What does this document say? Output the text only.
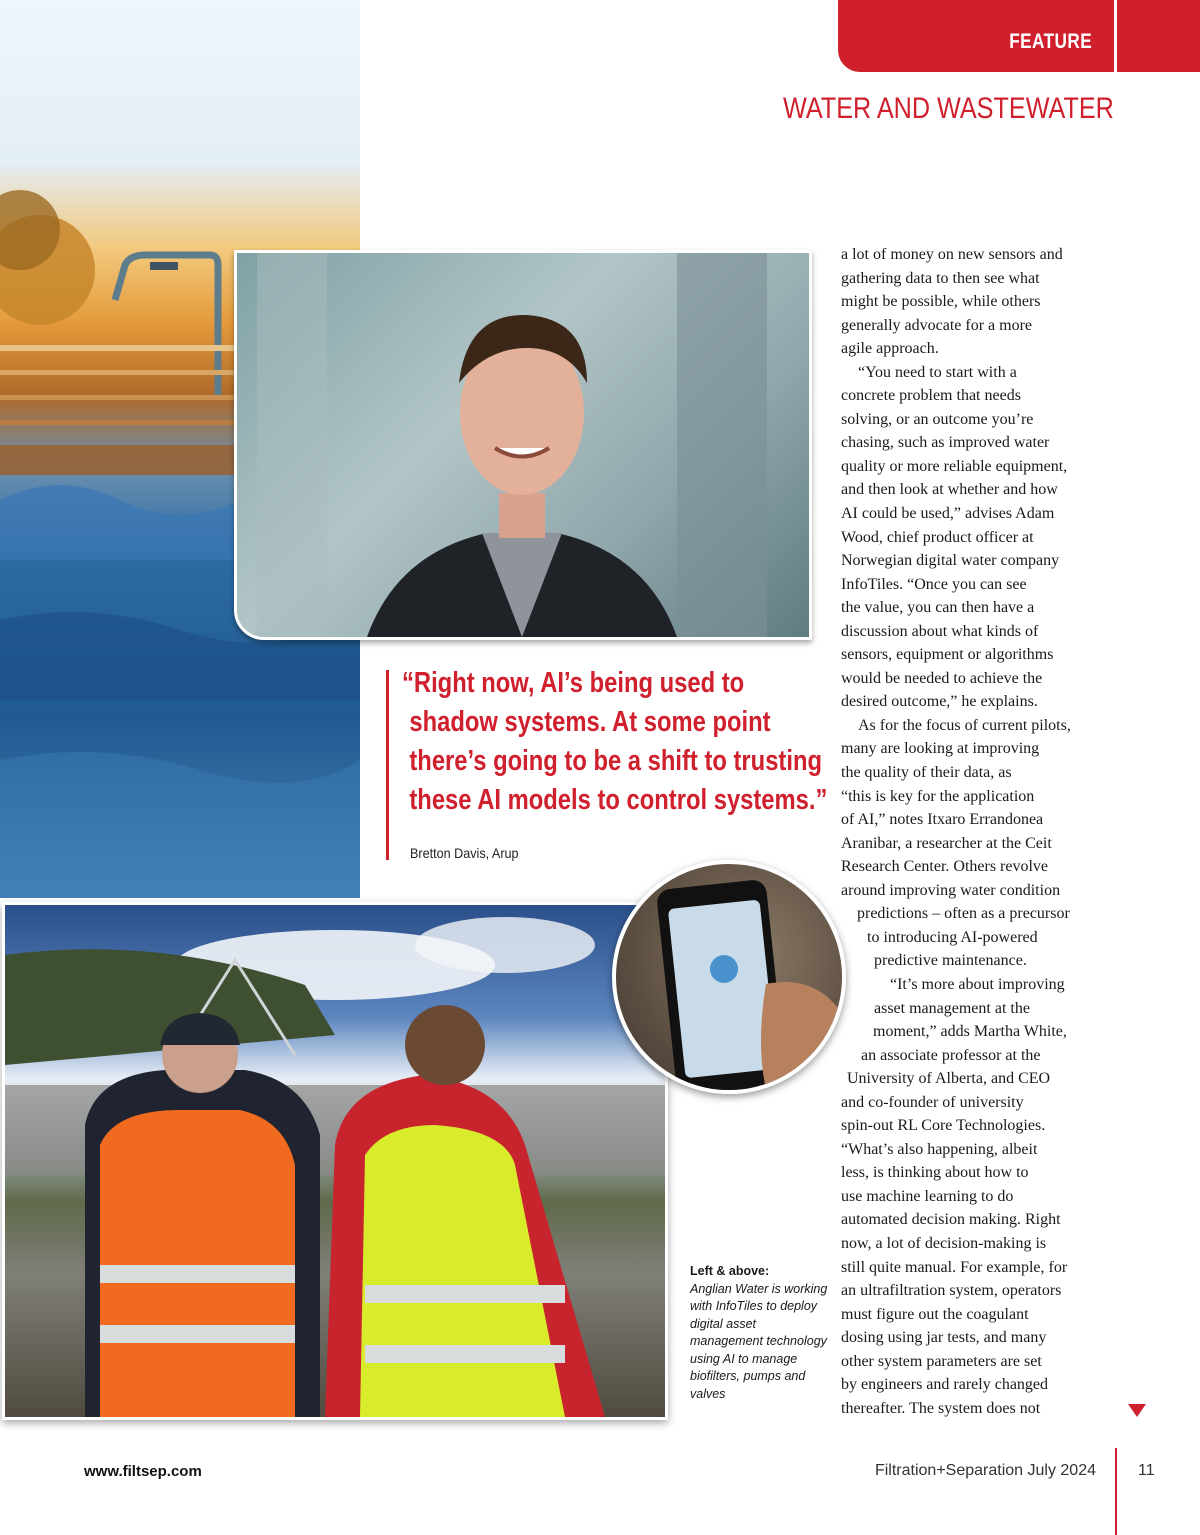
FEATURE
WATER AND WASTEWATER

“Right now, AI’s being used to
shadow systems. At some point
there’s going to be a shift to trusting
these AI models to control systems.”

Bretton Davis, Arup
Left & above:
Anglian Water is working with InfoTiles to deploy digital asset management technology using AI to manage biofilters, pumps and valves
a lot of money on new sensors and
gathering data to then see what
might be possible, while others
generally advocate for a more
agile approach.
“You need to start with a
concrete problem that needs
solving, or an outcome you’re
chasing, such as improved water
quality or more reliable equipment,
and then look at whether and how
AI could be used,” advises Adam
Wood, chief product officer at
Norwegian digital water company
InfoTiles. “Once you can see
the value, you can then have a
discussion about what kinds of
sensors, equipment or algorithms
would be needed to achieve the
desired outcome,” he explains.
As for the focus of current pilots,
many are looking at improving
the quality of their data, as
“this is key for the application
of AI,” notes Itxaro Errandonea
Aranibar, a researcher at the Ceit
Research Center. Others revolve
around improving water condition
predictions – often as a precursor
to introducing AI-powered
predictive maintenance.
“It’s more about improving
asset management at the
moment,” adds Martha White,
an associate professor at the
University of Alberta, and CEO
and co-founder of university
spin-out RL Core Technologies.
“What’s also happening, albeit
less, is thinking about how to
use machine learning to do
automated decision making. Right
now, a lot of decision-making is
still quite manual. For example, for
an ultrafiltration system, operators
must figure out the coagulant
dosing using jar tests, and many
other system parameters are set
by engineers and rarely changed
thereafter. The system does not
www.filtsep.com	Filtration+Separation July 2024	11
